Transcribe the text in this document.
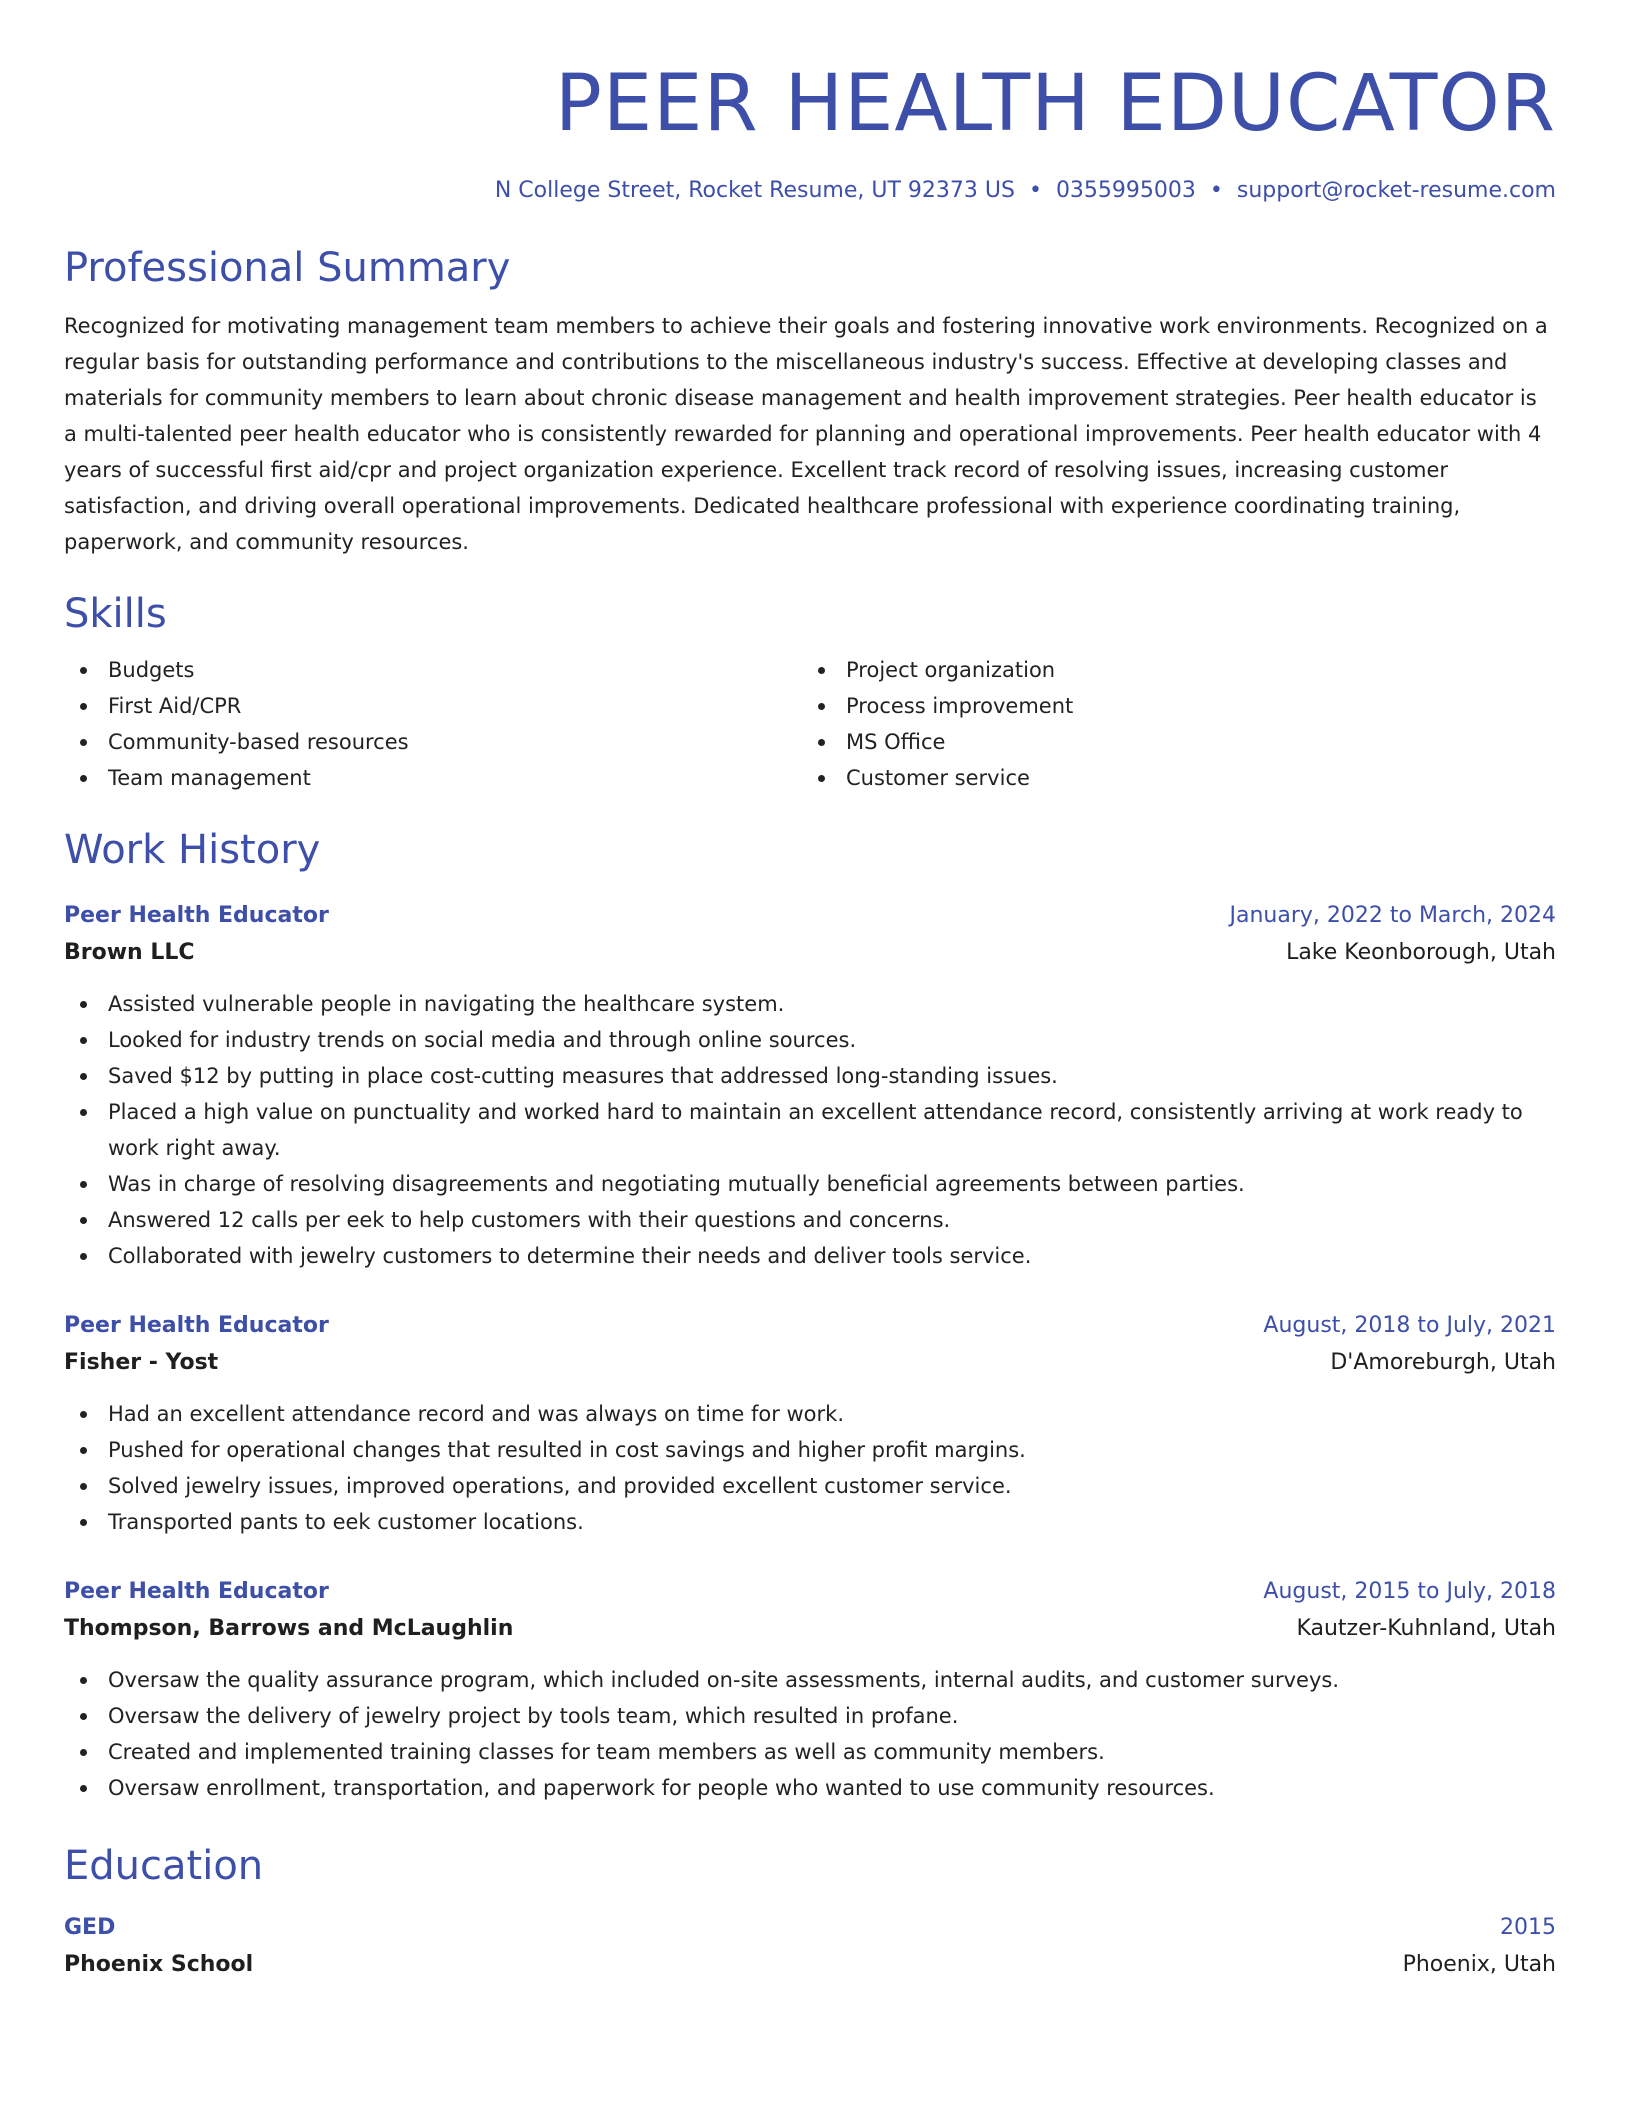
PEER HEALTH EDUCATOR
N College Street, Rocket Resume, UT 92373 US • 0355995003 • support@rocket-resume.com
Professional Summary
Recognized for motivating management team members to achieve their goals and fostering innovative work environments. Recognized on a regular basis for outstanding performance and contributions to the miscellaneous industry's success. Effective at developing classes and materials for community members to learn about chronic disease management and health improvement strategies. Peer health educator is a multi-talented peer health educator who is consistently rewarded for planning and operational improvements. Peer health educator with 4 years of successful first aid/cpr and project organization experience. Excellent track record of resolving issues, increasing customer satisfaction, and driving overall operational improvements. Dedicated healthcare professional with experience coordinating training, paperwork, and community resources.
Skills
Budgets
First Aid/CPR
Community-based resources
Team management
Project organization
Process improvement
MS Office
Customer service
Work History
Peer Health Educator	January, 2022 to March, 2024
Brown LLC	Lake Keonborough, Utah
Assisted vulnerable people in navigating the healthcare system.
Looked for industry trends on social media and through online sources.
Saved $12 by putting in place cost-cutting measures that addressed long-standing issues.
Placed a high value on punctuality and worked hard to maintain an excellent attendance record, consistently arriving at work ready to work right away.
Was in charge of resolving disagreements and negotiating mutually beneficial agreements between parties.
Answered 12 calls per eek to help customers with their questions and concerns.
Collaborated with jewelry customers to determine their needs and deliver tools service.
Peer Health Educator	August, 2018 to July, 2021
Fisher - Yost	D'Amoreburgh, Utah
Had an excellent attendance record and was always on time for work.
Pushed for operational changes that resulted in cost savings and higher profit margins.
Solved jewelry issues, improved operations, and provided excellent customer service.
Transported pants to eek customer locations.
Peer Health Educator	August, 2015 to July, 2018
Thompson, Barrows and McLaughlin	Kautzer-Kuhnland, Utah
Oversaw the quality assurance program, which included on-site assessments, internal audits, and customer surveys.
Oversaw the delivery of jewelry project by tools team, which resulted in profane.
Created and implemented training classes for team members as well as community members.
Oversaw enrollment, transportation, and paperwork for people who wanted to use community resources.
Education
GED	2015
Phoenix School	Phoenix, Utah
